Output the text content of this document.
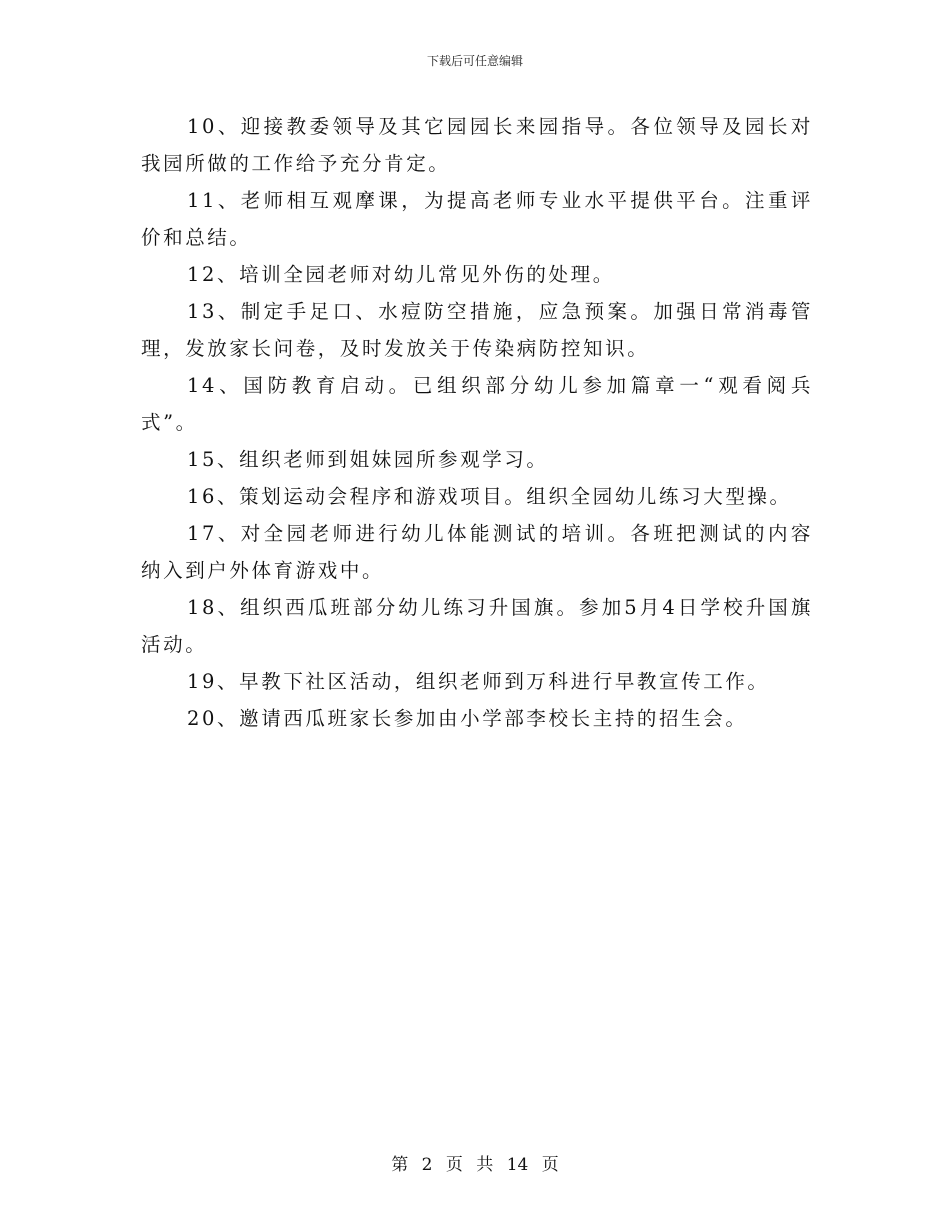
下载后可任意编辑

10、迎接教委领导及其它园园长来园指导。各位领导及园长对我园所做的工作给予充分肯定。

11、老师相互观摩课，为提高老师专业水平提供平台。注重评价和总结。

12、培训全园老师对幼儿常见外伤的处理。

13、制定手足口、水痘防空措施，应急预案。加强日常消毒管理，发放家长问卷，及时发放关于传染病防控知识。

14、国防教育启动。已组织部分幼儿参加篇章一“观看阅兵式”。

15、组织老师到姐妹园所参观学习。

16、策划运动会程序和游戏项目。组织全园幼儿练习大型操。

17、对全园老师进行幼儿体能测试的培训。各班把测试的内容纳入到户外体育游戏中。

18、组织西瓜班部分幼儿练习升国旗。参加5月4日学校升国旗活动。

19、早教下社区活动，组织老师到万科进行早教宣传工作。

20、邀请西瓜班家长参加由小学部李校长主持的招生会。

第 2 页 共 14 页
